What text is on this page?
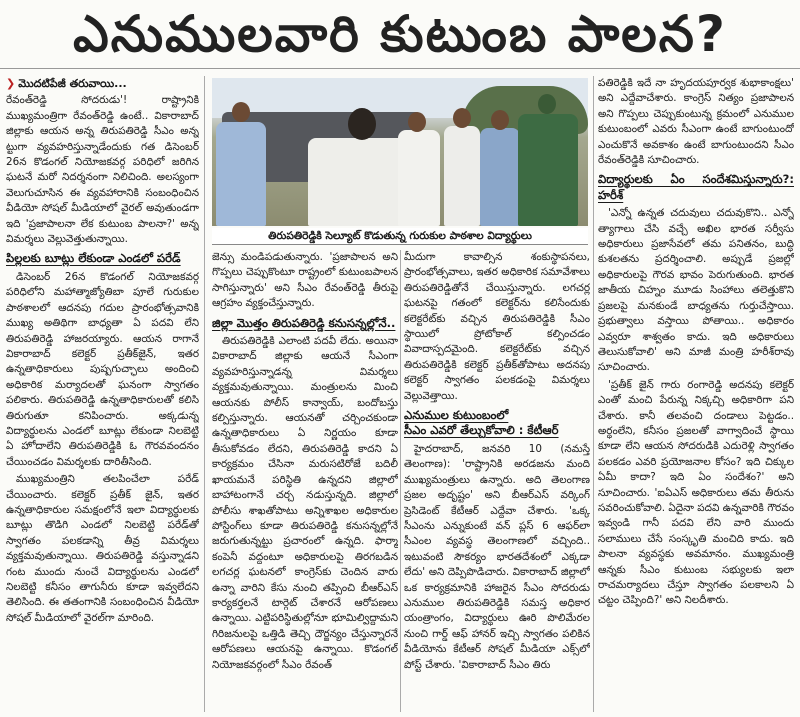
ఎనుములవారి కుటుంబ పాలన?
❯ మొదటిపేజీ తరువాయి...

రేవంత్‌రెడ్డి సోదరుడు'! రాష్ట్రానికి ముఖ్యమంత్రిగా రేవంత్‌రెడ్డి ఉంటే.. వికారాబాద్ జిల్లాకు ఆయన అన్న తిరుపతిరెడ్డి సీఎం అన్న ట్టుగా వ్యవహరిస్తున్నాడేందుకు గత డిసెంబర్ 26న కొడంగల్ నియోజకవర్గ పరిధిలో జరిగిన ఘటనే మరో నిదర్శనంగా నిలిచింది. అలస్యంగా వెలుగుచూసిన ఈ వ్యవహారానికి సంబంధించిన వీడియో సోషల్ మీడియాలో వైరల్ అవుతుండగా ఇది 'ప్రజాపాలనా లేక కుటుంబ పాలనా?' అన్న విమర్శలు వెల్లువెత్తుతున్నాయి.

పిల్లలకు బూట్లు లేకుండా ఎండలో పరేడ్

డిసెంబర్ 26న కొడంగల్ నియోజకవర్గ పరిధిలోని మహాత్మాజ్యోతిబా పూలే గురుకుల పాఠశాలలో ఆదనపు గదుల ప్రారంభోత్సవానికి ముఖ్య అతిథిగా బాధ్యతా ఏ పదవి లేని తిరుపతిరెడ్డి హాజరయ్యారు. ఆయన రాగానే వికారాబాద్ కలెక్టర్ ప్రతీక్‌జైన్, ఇతర ఉన్నతాధికారులు పుష్పగుచ్ఛాలు అందించి అధికారిక మర్యాదలతో ఘనంగా స్వాగతం పలికారు. తిరుపతిరెడ్డి ఉన్నతాధికారులతో కలిసి తిరుగుతూ కనిపించారు. అక్కడున్న విద్యార్థులను ఎండలో బూట్లు లేకుండా నిలబెట్టి ఏ హోదాలేని తిరుపతిరెడ్డికి ఓ గౌరవవందనం చేయించడం విమర్శలకు దారితీసింది.

ముఖ్యమంత్రిని తలపించేలా పరేడ్ చేయించారు. కలెక్టర్ ప్రతీక్ జైన్, ఇతర ఉన్నతాధికారుల సమక్షంలోనే ఇలా విద్యార్థులకు బూట్లు తొడిగి ఎండలో నిలబెట్టి పరేడ్‌తో స్వాగతం పలకడాన్ని తీవ్ర విమర్శలు వ్యక్తమవుతున్నాయి. తిరుపతిరెడ్డి వస్తున్నాడని గంట ముందు నుంచే విద్యార్థులను ఎండలో నిలబెట్టి కనీసం తాగునీరు కూడా ఇవ్వలేదని తెలిసింది. ఈ తతంగానికి సంబంధించిన వీడియో సోషల్ మీడియాలో వైరల్‌గా మారింది.

తిరుపతిరెడ్డికి సెల్యూట్ కొడుతున్న గురుకుల పాఠశాల విద్యార్థులు

జెన్సు మండిపడుతున్నారు. 'ప్రజాపాలన అని గొప్పలు చెప్పుకొంటూ రాష్ట్రంలో కుటుంబపాలన సాగిస్తున్నారు' అని సీఎం రేవంత్‌రెడ్డి తీరుపై ఆగ్రహం వ్యక్తంచేస్తున్నారు.

జిల్లా మొత్తం తిరుపతిరెడ్డి కనుసన్నల్లోనే..

తిరుపతిరెడ్డికి ఎలాంటి పదవీ లేదు. అయినా వికారాబాద్ జిల్లాకు ఆయనే సీఎంగా వ్యవహరిస్తున్నాడన్న విమర్శలు వ్యక్తమవుతున్నాయి. మంత్రులను మించి ఆయనకు పోలీస్ కాన్వాయ్, బందోబస్తు కల్పిస్తున్నారు. ఆయనతో చర్చించకుండా ఉన్నతాధికారులు ఏ నిర్ణయం కూడా తీసుకోవడం లేదని, తిరుపతిరెడ్డి కాదని ఏ కార్యక్రమం చేసినా మరుసటిరోజే బదిలీ ఖాయమనే పరిస్థితి ఉన్నదని జిల్లాలో బాహాటంగానే చర్చ నడుస్తున్నది. జిల్లాలో పోలీసు శాఖతోపాటు అన్నిశాఖల అధికారుల పోస్టింగ్‌లు కూడా తిరుపతిరెడ్డి కనుసన్నల్లోనే జరుగుతున్నట్టు ప్రచారంలో ఉన్నది. ఫార్మా కంపెనీ వద్దంటూ అధికారులపై తిరగబడిన లగచర్ల ఘటనలో కాంగ్రెస్‌కు చెందిన వారు ఉన్నా వారిని కేసు నుంచి తప్పించి బీఆర్‌ఎస్ కార్యకర్తలనే టార్గెట్ చేశారనే ఆరోపణలు ఉన్నాయి. ఎట్టిపరిస్థితుల్లోనూ భూమిల్విద్దామని గిరిజనులపై ఒత్తిడి తెచ్చి దౌర్జన్యం చేస్తున్నారనే ఆరోపణలు ఆయనపై ఉన్నాయి. కొడంగల్ నియోజకవర్గంలో సీఎం రేవంత్

మీదుగా కావాల్సిన శంకుస్థాపనలు, ప్రారంభోత్సవాలు, ఇతర అధికారిక సమావేశాలు తిరుపతిరెడ్డితోనే చేయిస్తున్నారు. లగచర్ల ఘటనపై గతంలో కలెక్టర్‌ను కలిసేందుకు కలెక్టరేట్‌కు వచ్చిన తిరుపతిరెడ్డికి సీఎం స్థాయిలో ప్రోటోకాల్ కల్పించడం వివాదాస్పదమైంది. కలెక్టరేట్‌కు వచ్చిన తిరుపతిరెడ్డికి కలెక్టర్ ప్రతీక్‌తోపాటు అదనపు కలెక్టర్ స్వాగతం పలకడంపై విమర్శలు వెల్లువెత్తాయి.

ఎనుముల కుటుంబంలో
సీఎం ఎవరో తేల్చుకోవాలి : కేటీఆర్

హైదరాబాద్, జనవరి 10 (నమస్తే తెలంగాణ): 'రాష్ట్రానికి అరడజను మంది ముఖ్యమంత్రులు ఉన్నారు. అది తెలంగాణ ప్రజల అదృష్టం' అని బీఆర్‌ఎస్ వర్కింగ్ ప్రెసిడెంట్ కేటీఆర్ ఎద్దేవా చేశారు. 'ఒక్క సీఎంను ఎన్నుకుంటే వన్ ప్లస్ 6 ఆఫర్‌లా సీఎంల వ్యవస్థ తెలంగాణలో వచ్చింది.. ఇటువంటి సౌకర్యం భారతదేశంలో ఎక్కడా లేదు' అని దెప్పిపొడిచారు. వికారాబాద్ జిల్లాలో ఒక కార్యక్రమానికి హాజరైన సీఎం సోదరుడు ఎనుముల తిరుపతిరెడ్డికి సమస్త అధికార యంత్రాంగం, విద్యార్థులు ఊరి పొలిమేరల నుంచి గార్డ్ ఆఫ్ హానర్ ఇచ్చి స్వాగతం పలికిన వీడియోను కేటీఆర్ సోషల్ మీడియా ఎక్స్‌లో పోస్ట్ చేశారు. 'వికారాబాద్ సీఎం తిరు

పతిరెడ్డికి ఇదే నా హృదయపూర్వక శుభాకాంక్షలు' అని ఎద్దేవాచేశారు. కాంగ్రెస్ నిత్యం ప్రజాపాలన అని గొప్పలు చెప్పుకుంటున్న క్రమంలో ఎనుముల కుటుంబంలో ఎవరు సీఎంగా ఉంటే బాగుంటుందో ఎంచుకొనే అవకాశం ఉంటే బాగుంటుందని సీఎం రేవంత్‌రెడ్డికి సూచించారు.

విద్యార్థులకు ఏం సందేశమిస్తున్నారు?: హరీశ్

'ఎన్నో ఉన్నత చదువులు చదువుకొని.. ఎన్నో త్యాగాలు చేసి వచ్చే అఖిల భారత సర్వీసు అధికారులు ప్రజాసేవలో తమ పనితనం, బుద్ధి కుశలతను ప్రదర్శించాలి. అప్పుడే ప్రజల్లో అధికారులపై గౌరవ భావం పెరుగుతుంది. భారత జాతీయ చిహ్నం మూడు సింహాలు తలెత్తుకొని ప్రజలపై మనకుండే బాధ్యతను గుర్తుచేస్తాయి. ప్రభుత్వాలు వస్తాయి పోతాయి.. అధికారం ఎవ్వరూ శాశ్వతం కాదు. ఇది అధికారులు తెలుసుకోవాలి' అని మాజీ మంత్రి హరీశ్‌రావు సూచించారు.

'ప్రతీక్ జైన్ గారు రంగారెడ్డి అదనపు కలెక్టర్ ఎంతో మంచి పేరున్న నిక్కచ్చి అధికారిగా పని చేశారు. కానీ తలవంచి దండాలు పెట్టడం.. అర్థంలేని, కనీసం ప్రజలతో వాగ్వాదించే స్థాయి కూడా లేని ఆయన సోదరుడికి ఎదురెళ్లి స్వాగతం పలకడం ఎవరి ప్రయోజనాల కోసం? ఇది చిక్కుల ఏమీ కాదా? ఇది ఏం సందేశం?' అని సూచించారు. 'ఐఏఎస్ అధికారులు తమ తీరును సవరించుకోవాలి. ఏదైనా పదవి ఉన్నవారికి గౌరవం ఇవ్వండి గానీ పదవి లేని వారి ముందు సలాములు చేసే సంస్కృతి మంచిది కాదు. ఇది పాలనా వ్యవస్థకు అవమానం. ముఖ్యమంత్రి ఆన్నకు సీఎం కుటుంబ సభ్యులకు ఇలా రాచమర్యాదలు చేస్తూ స్వాగతం పలకాలని ఏ చట్టం చెప్పింది?' అని నిలదీశారు.
